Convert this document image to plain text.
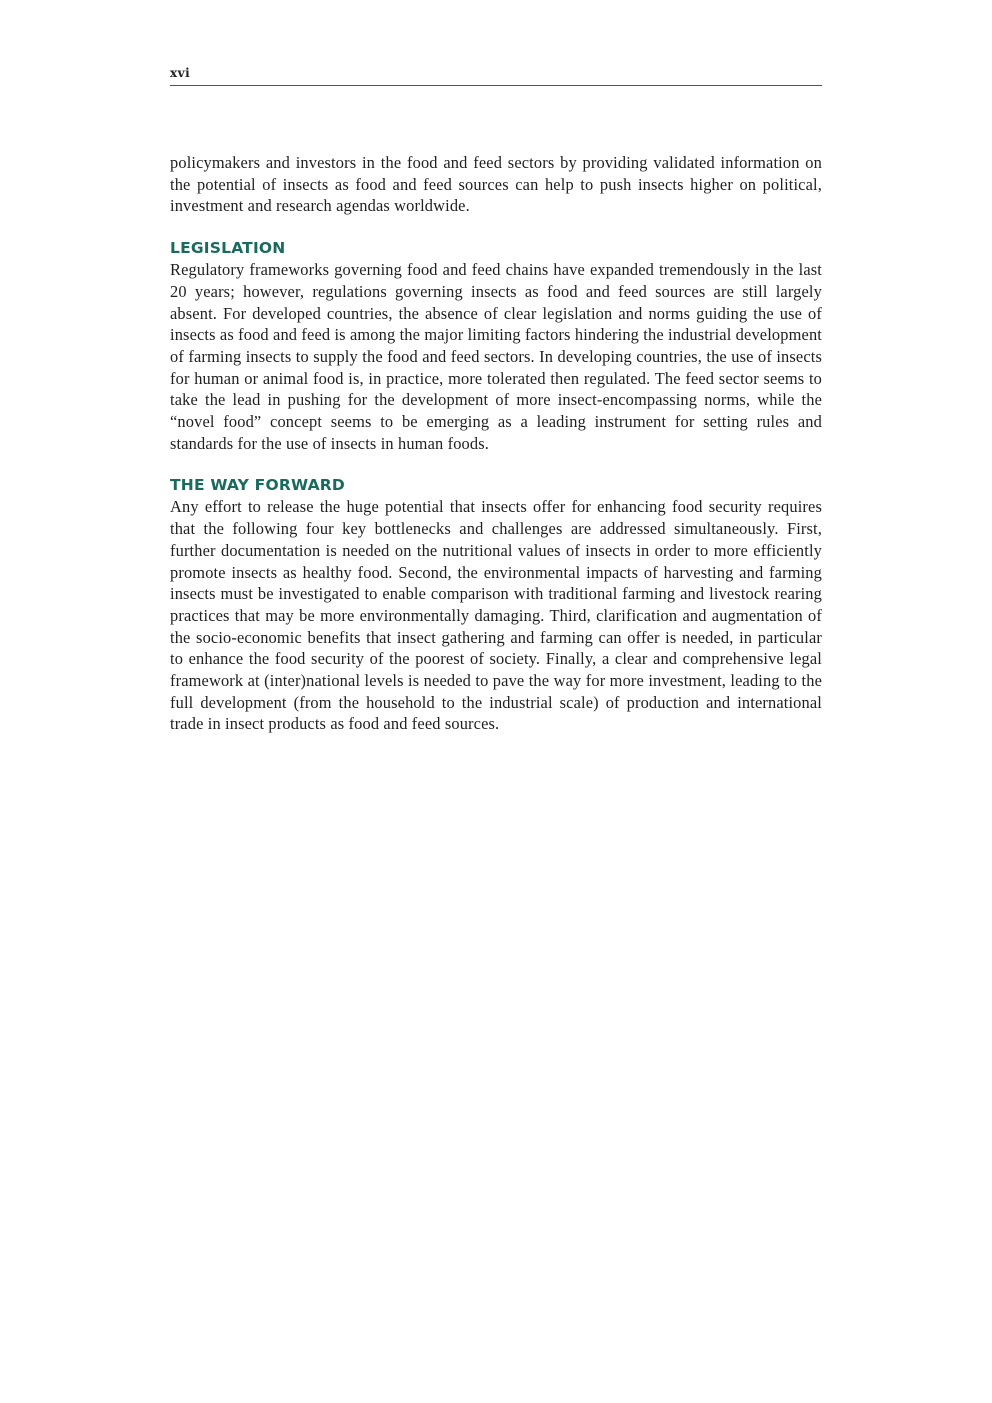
xvi

policymakers and investors in the food and feed sectors by providing validated information on the potential of insects as food and feed sources can help to push insects higher on political, investment and research agendas worldwide.

LEGISLATION

Regulatory frameworks governing food and feed chains have expanded tremendously in the last 20 years; however, regulations governing insects as food and feed sources are still largely absent. For developed countries, the absence of clear legislation and norms guiding the use of insects as food and feed is among the major limiting factors hindering the industrial development of farming insects to supply the food and feed sectors. In developing countries, the use of insects for human or animal food is, in practice, more tolerated then regulated. The feed sector seems to take the lead in pushing for the development of more insect-encompassing norms, while the “novel food” concept seems to be emerging as a leading instrument for setting rules and standards for the use of insects in human foods.

THE WAY FORWARD

Any effort to release the huge potential that insects offer for enhancing food security requires that the following four key bottlenecks and challenges are addressed simultaneously. First, further documentation is needed on the nutritional values of insects in order to more efficiently promote insects as healthy food. Second, the environmental impacts of harvesting and farming insects must be investigated to enable comparison with traditional farming and livestock rearing practices that may be more environmentally damaging. Third, clarification and augmentation of the socio-economic benefits that insect gathering and farming can offer is needed, in particular to enhance the food security of the poorest of society. Finally, a clear and comprehensive legal framework at (inter)national levels is needed to pave the way for more investment, leading to the full development (from the household to the industrial scale) of production and international trade in insect products as food and feed sources.
